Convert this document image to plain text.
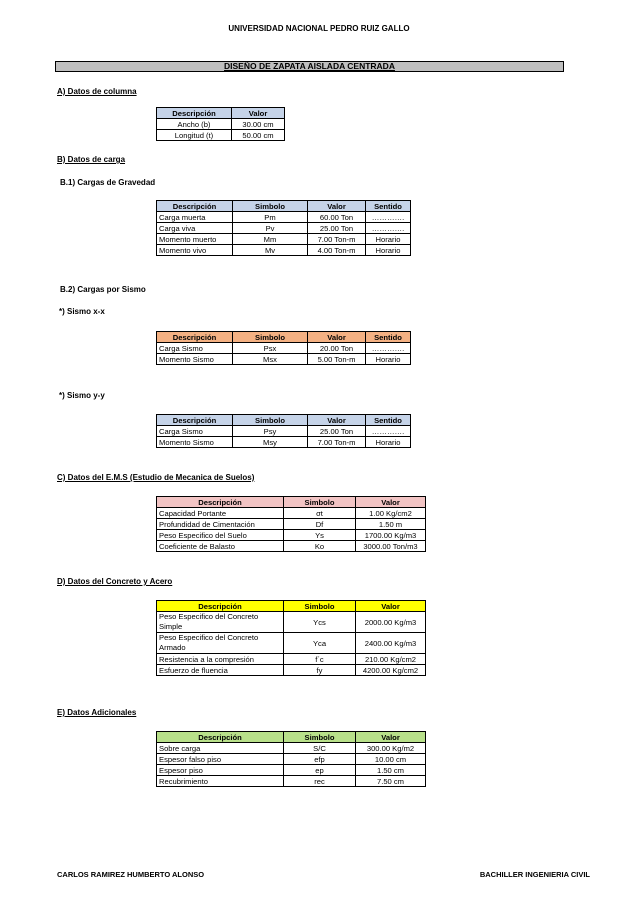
UNIVERSIDAD NACIONAL PEDRO RUIZ GALLO
DISEÑO DE ZAPATA AISLADA CENTRADA
A) Datos de columna
Descripción	Valor
Ancho (b)	30.00 cm
Longitud (t)	50.00 cm
B) Datos de carga
B.1) Cargas de Gravedad
Descripción	Simbolo	Valor	Sentido
Carga muerta	Pm	60.00 Ton	………….
Carga viva	Pv	25.00 Ton	………….
Momento muerto	Mm	7.00 Ton-m	Horario
Momento vivo	Mv	4.00 Ton-m	Horario
B.2) Cargas por Sismo
*) Sismo x-x
Descripción	Simbolo	Valor	Sentido
Carga Sismo	Psx	20.00 Ton	………….
Momento Sismo	Msx	5.00 Ton-m	Horario
*) Sismo y-y
Descripción	Simbolo	Valor	Sentido
Carga Sismo	Psy	25.00 Ton	………….
Momento Sismo	Msy	7.00 Ton-m	Horario
C) Datos del E.M.S (Estudio de Mecanica de Suelos)
Descripción	Simbolo	Valor
Capacidad Portante	σt	1.00 Kg/cm2
Profundidad de Cimentación	Df	1.50 m
Peso Especifico del Suelo	Ys	1700.00 Kg/m3
Coeficiente de Balasto	Ko	3000.00 Ton/m3
D) Datos del Concreto y Acero
Descripción	Simbolo	Valor
Peso Especifico del Concreto Simple	Ycs	2000.00 Kg/m3
Peso Especifico del Concreto Armado	Yca	2400.00 Kg/m3
Resistencia a la compresión	f´c	210.00 Kg/cm2
Esfuerzo de fluencia	fy	4200.00 Kg/cm2
E) Datos Adicionales
Descripción	Simbolo	Valor
Sobre carga	S/C	300.00 Kg/m2
Espesor falso piso	efp	10.00 cm
Espesor piso	ep	1.50 cm
Recubrimiento	rec	7.50 cm
CARLOS RAMIREZ HUMBERTO ALONSO	BACHILLER INGENIERIA CIVIL
